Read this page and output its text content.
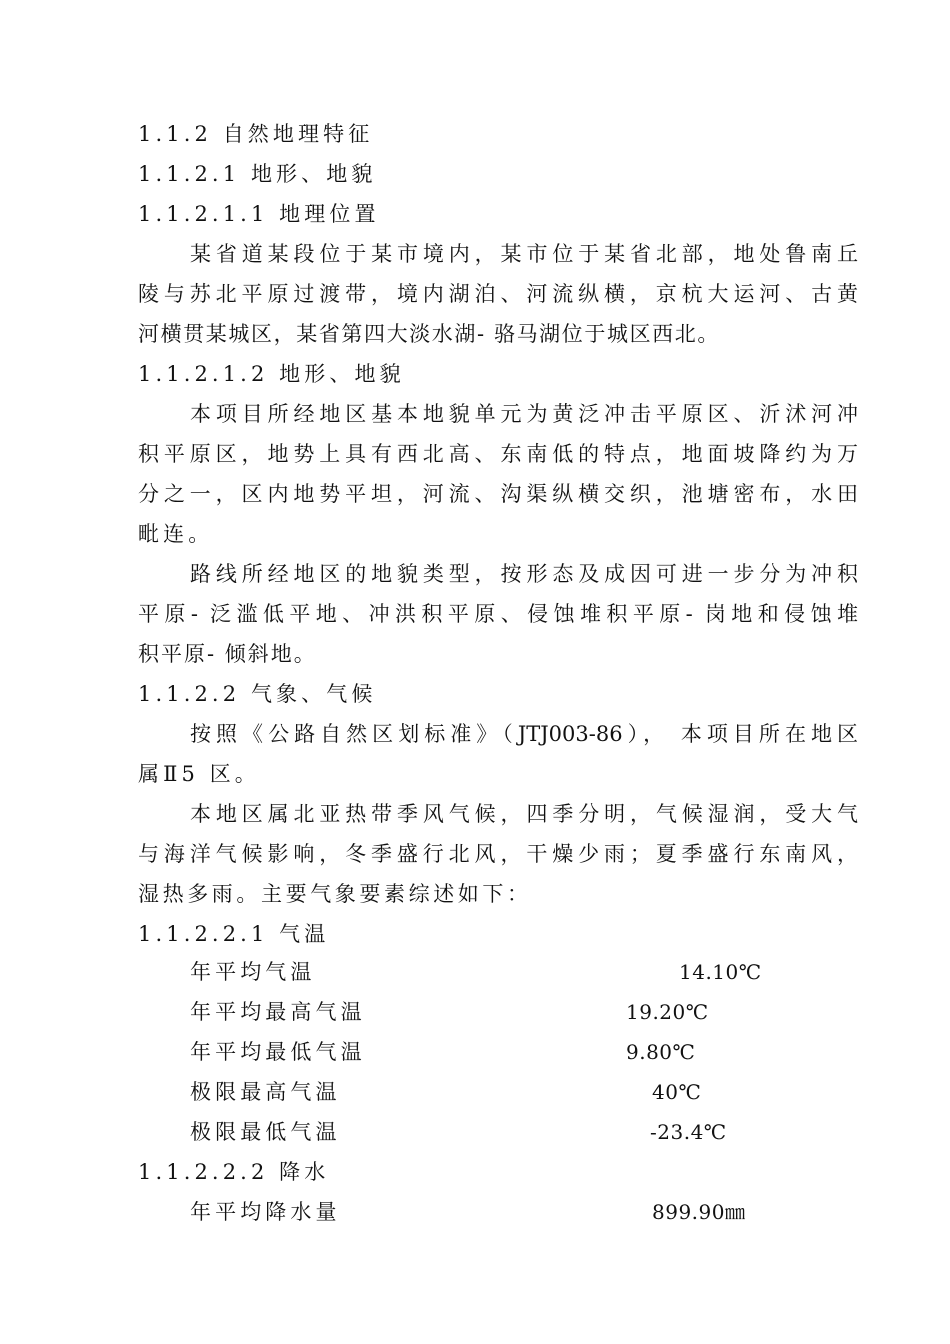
1.1.2 自然地理特征
1.1.2.1 地形、地貌
1.1.2.1.1 地理位置
某省道某段位于某市境内，某市位于某省北部，地处鲁南丘
陵与苏北平原过渡带，境内湖泊、河流纵横，京杭大运河、古黄
河横贯某城区，某省第四大淡水湖- 骆马湖位于城区西北。
1.1.2.1.2 地形、地貌
本项目所经地区基本地貌单元为黄泛冲击平原区、沂沭河冲
积平原区，地势上具有西北高、东南低的特点，地面坡降约为万
分之一，区内地势平坦，河流、沟渠纵横交织，池塘密布，水田
毗连。
路线所经地区的地貌类型，按形态及成因可进一步分为冲积
平原- 泛滥低平地、冲洪积平原、侵蚀堆积平原- 岗地和侵蚀堆
积平原- 倾斜地。
1.1.2.2 气象、气候
按照《公路自然区划标准》（JTJ003-86）， 本项目所在地区
属Ⅱ5 区。
本地区属北亚热带季风气候，四季分明，气候湿润，受大气
与海洋气候影响，冬季盛行北风，干燥少雨；夏季盛行东南风，
湿热多雨。主要气象要素综述如下：
1.1.2.2.1 气温
年平均气温	14.10℃
年平均最高气温	19.20℃
年平均最低气温	9.80℃
极限最高气温	40℃
极限最低气温	-23.4℃
1.1.2.2.2 降水
年平均降水量	899.90㎜
